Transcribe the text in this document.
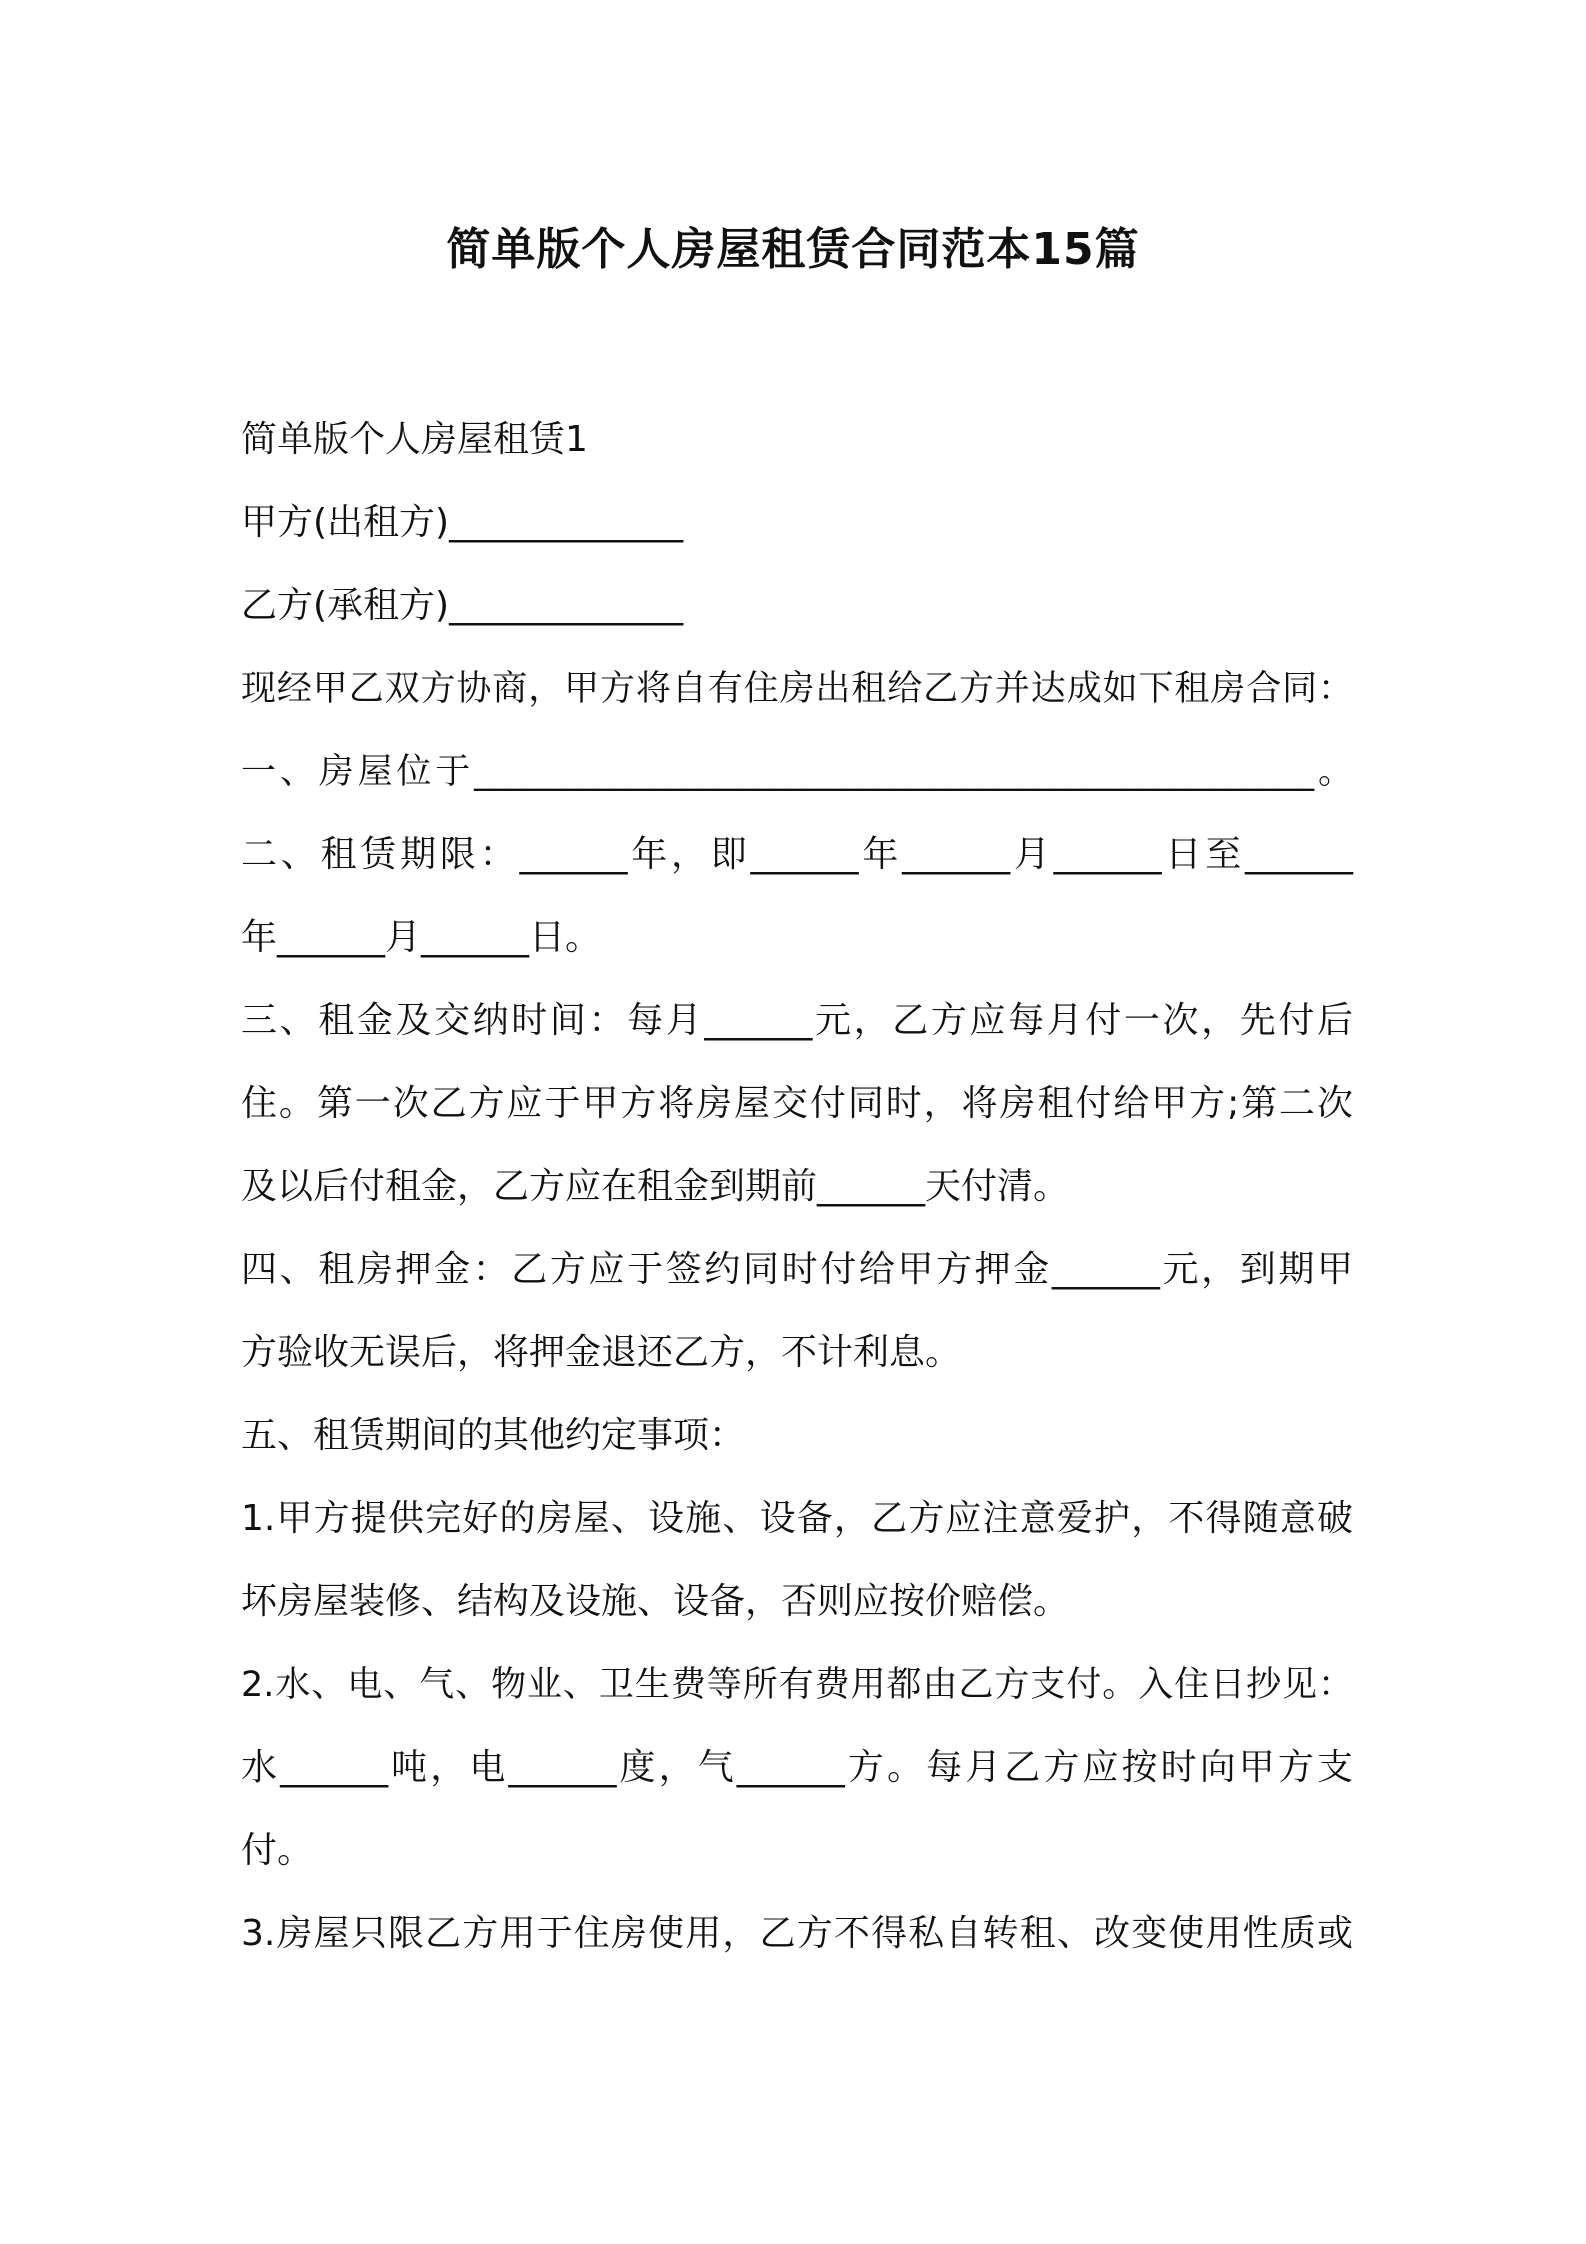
简单版个人房屋租赁合同范本15篇

简单版个人房屋租赁1

甲方(出租方)_____________

乙方(承租方)_____________

现经甲乙双方协商，甲方将自有住房出租给乙方并达成如下租房合同：

一、房屋位于________________________________________________。

二、租赁期限：______年，即______年______月______日至______

年______月______日。

三、租金及交纳时间：每月______元，乙方应每月付一次，先付后

住。第一次乙方应于甲方将房屋交付同时，将房租付给甲方;第二次

及以后付租金，乙方应在租金到期前______天付清。

四、租房押金：乙方应于签约同时付给甲方押金______元，到期甲

方验收无误后，将押金退还乙方，不计利息。

五、租赁期间的其他约定事项：

1.甲方提供完好的房屋、设施、设备，乙方应注意爱护，不得随意破

坏房屋装修、结构及设施、设备，否则应按价赔偿。

2.水、电、气、物业、卫生费等所有费用都由乙方支付。入住日抄见：

水______吨，电______度，气______方。每月乙方应按时向甲方支

付。

3.房屋只限乙方用于住房使用，乙方不得私自转租、改变使用性质或
